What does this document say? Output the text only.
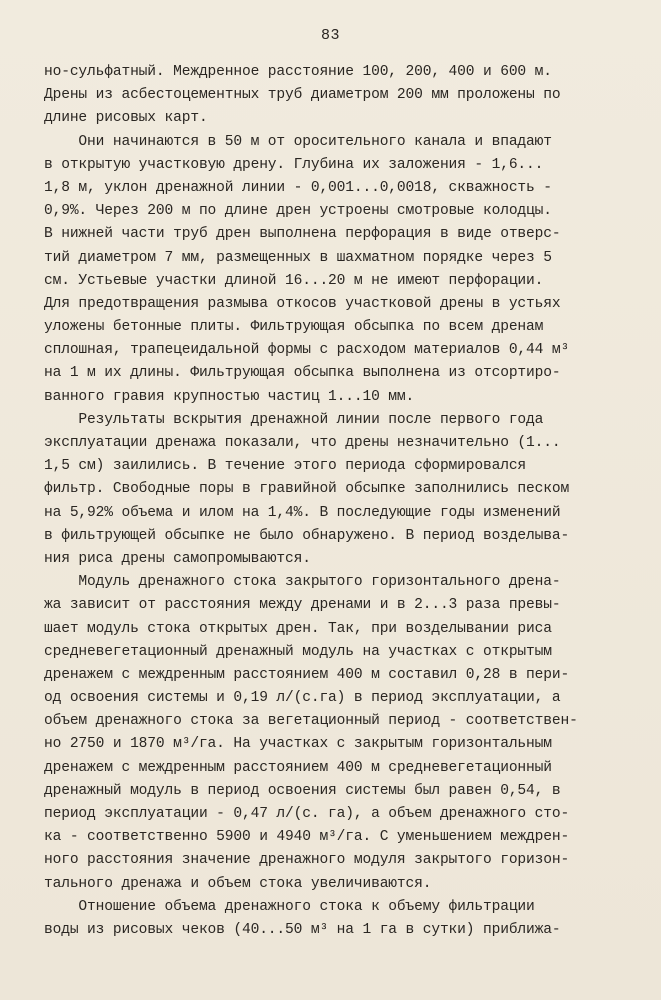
83
но-сульфатный. Междренное расстояние 100, 200, 400 и 600 м.
Дрены из асбестоцементных труб диаметром 200 мм проложены по
длине рисовых карт.
Они начинаются в 50 м от оросительного канала и впадают
в открытую участковую дрену. Глубина их заложения - 1,6...
1,8 м, уклон дренажной линии - 0,001...0,0018, скважность -
0,9%. Через 200 м по длине дрен устроены смотровые колодцы.
В нижней части труб дрен выполнена перфорация в виде отверс-
тий диаметром 7 мм, размещенных в шахматном порядке через 5
см. Устьевые участки длиной 16...20 м не имеют перфорации.
Для предотвращения размыва откосов участковой дрены в устьях
уложены бетонные плиты. Фильтрующая обсыпка по всем дренам
сплошная, трапецеидальной формы с расходом материалов 0,44 м³
на 1 м их длины. Фильтрующая обсыпка выполнена из отсортиро-
ванного гравия крупностью частиц 1...10 мм.
Результаты вскрытия дренажной линии после первого года
эксплуатации дренажа показали, что дрены незначительно (1...
1,5 см) заилились. В течение этого периода сформировался
фильтр. Свободные поры в гравийной обсыпке заполнились песком
на 5,92% объема и илом на 1,4%. В последующие годы изменений
в фильтрующей обсыпке не было обнаружено. В период возделыва-
ния риса дрены самопромываются.
Модуль дренажного стока закрытого горизонтального дрена-
жа зависит от расстояния между дренами и в 2...3 раза превы-
шает модуль стока открытых дрен. Так, при возделывании риса
средневегетационный дренажный модуль на участках с открытым
дренажем с междренным расстоянием 400 м составил 0,28 в пери-
од освоения системы и 0,19 л/(с.га) в период эксплуатации, а
объем дренажного стока за вегетационный период - соответствен-
но 2750 и 1870 м³/га. На участках с закрытым горизонтальным
дренажем с междренным расстоянием 400 м средневегетационный
дренажный модуль в период освоения системы был равен 0,54, в
период эксплуатации - 0,47 л/(с. га), а объем дренажного сто-
ка - соответственно 5900 и 4940 м³/га. С уменьшением междрен-
ного расстояния значение дренажного модуля закрытого горизон-
тального дренажа и объем стока увеличиваются.
Отношение объема дренажного стока к объему фильтрации
воды из рисовых чеков (40...50 м³ на 1 га в сутки) приближа-
